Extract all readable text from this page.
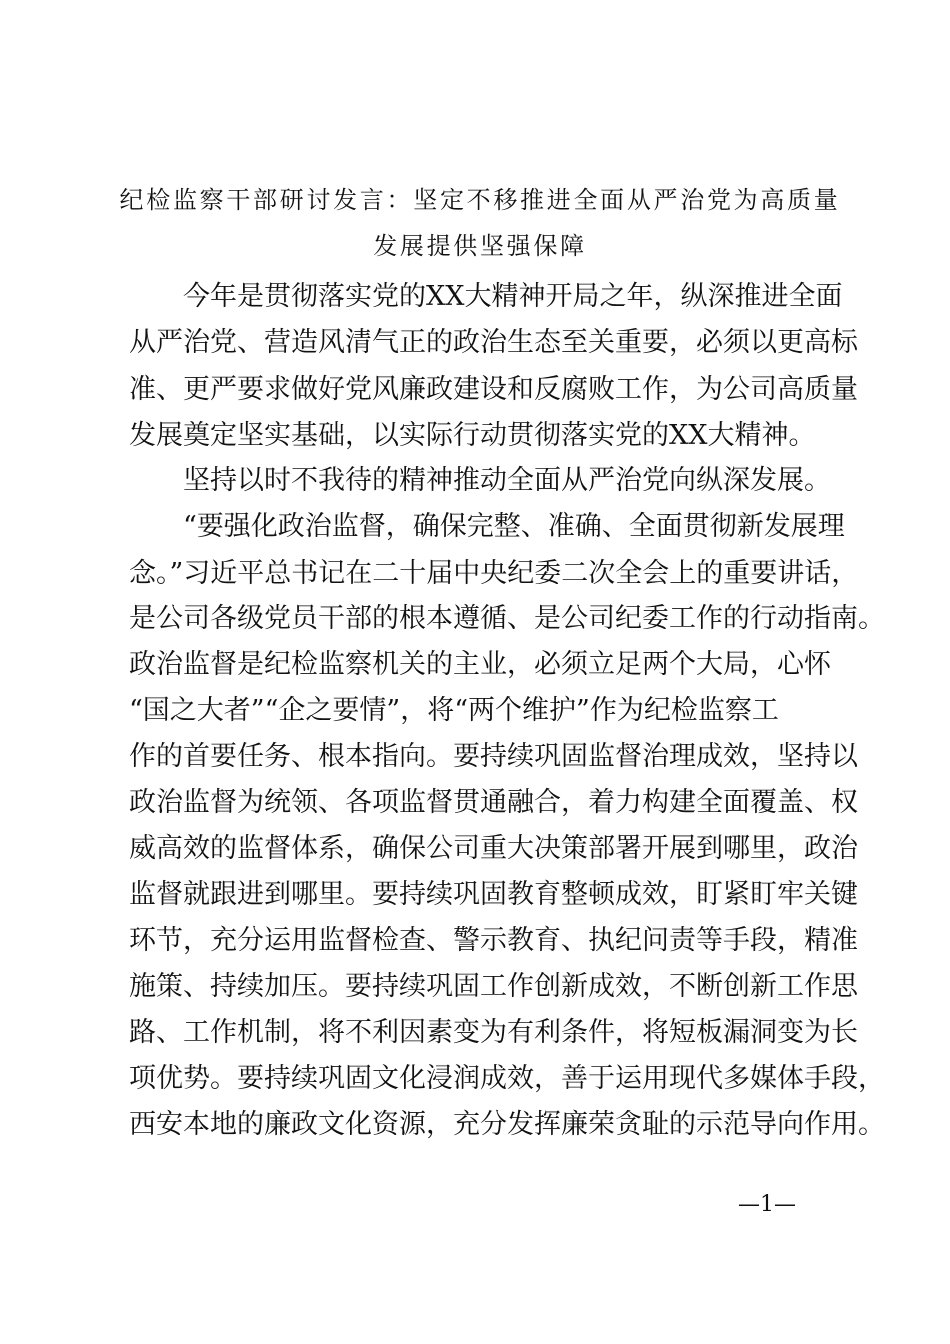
纪检监察干部研讨发言：坚定不移推进全面从严治党为高质量
发展提供坚强保障
今年是贯彻落实党的XX大精神开局之年，纵深推进全面
从严治党、营造风清气正的政治生态至关重要，必须以更高标
准、更严要求做好党风廉政建设和反腐败工作，为公司高质量
发展奠定坚实基础，以实际行动贯彻落实党的XX大精神。
坚持以时不我待的精神推动全面从严治党向纵深发展。
“要强化政治监督，确保完整、准确、全面贯彻新发展理
念。”习近平总书记在二十届中央纪委二次全会上的重要讲话，
是公司各级党员干部的根本遵循、是公司纪委工作的行动指南。
政治监督是纪检监察机关的主业，必须立足两个大局，心怀
“国之大者”“企之要情”，将“两个维护”作为纪检监察工
作的首要任务、根本指向。要持续巩固监督治理成效，坚持以
政治监督为统领、各项监督贯通融合，着力构建全面覆盖、权
威高效的监督体系，确保公司重大决策部署开展到哪里，政治
监督就跟进到哪里。要持续巩固教育整顿成效，盯紧盯牢关键
环节，充分运用监督检查、警示教育、执纪问责等手段，精准
施策、持续加压。要持续巩固工作创新成效，不断创新工作思
路、工作机制，将不利因素变为有利条件，将短板漏洞变为长
项优势。要持续巩固文化浸润成效，善于运用现代多媒体手段，
西安本地的廉政文化资源，充分发挥廉荣贪耻的示范导向作用。
—1—
